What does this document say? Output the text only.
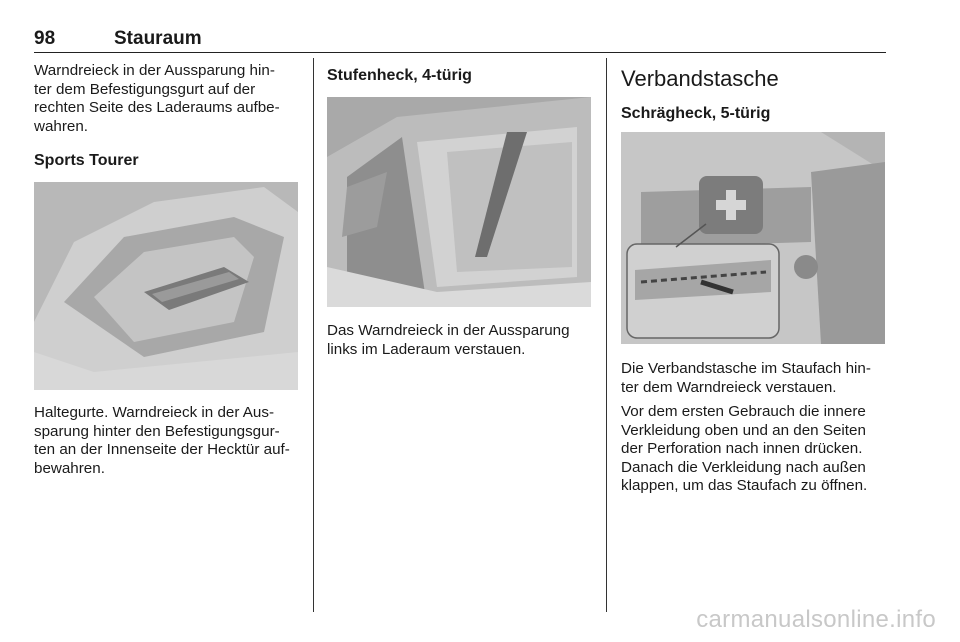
98	Stauraum

Warndreieck in der Aussparung hin-
ter dem Befestigungsgurt auf der
rechten Seite des Laderaums aufbe-
wahren.

Sports Tourer

Haltegurte. Warndreieck in der Aus-
sparung hinter den Befestigungsgur-
ten an der Innenseite der Hecktür auf-
bewahren.

Stufenheck, 4-türig

Das Warndreieck in der Aussparung
links im Laderaum verstauen.

Verbandstasche

Schrägheck, 5-türig

Die Verbandstasche im Staufach hin-
ter dem Warndreieck verstauen.

Vor dem ersten Gebrauch die innere
Verkleidung oben und an den Seiten
der Perforation nach innen drücken.
Danach die Verkleidung nach außen
klappen, um das Staufach zu öffnen.

carmanualsonline.info
